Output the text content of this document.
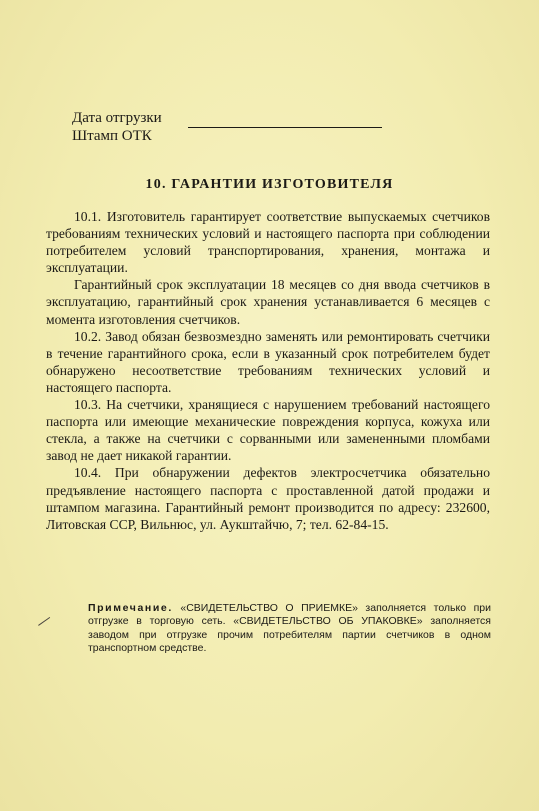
Дата отгрузки
Штамп ОТК
10. ГАРАНТИИ ИЗГОТОВИТЕЛЯ

10.1. Изготовитель гарантирует соответствие выпускаемых счетчиков требованиям технических условий и настоящего паспорта при соблюдении потребителем условий транспортирования, хранения, монтажа и эксплуатации.

Гарантийный срок эксплуатации 18 месяцев со дня ввода счетчиков в эксплуатацию, гарантийный срок хранения устанавливается 6 месяцев с момента изготовления счетчиков.

10.2. Завод обязан безвозмездно заменять или ремонтировать счетчики в течение гарантийного срока, если в указанный срок потребителем будет обнаружено несоответствие требованиям технических условий и настоящего паспорта.

10.3. На счетчики, хранящиеся с нарушением требований настоящего паспорта или имеющие механические повреждения корпуса, кожуха или стекла, а также на счетчики с сорванными или замененными пломбами завод не дает никакой гарантии.

10.4. При обнаружении дефектов электросчетчика обязательно предъявление настоящего паспорта с проставленной датой продажи и штампом магазина. Гарантийный ремонт производится по адресу: 232600, Литовская ССР, Вильнюс, ул. Аукштайчю, 7; тел. 62-84-15.

Примечание. «СВИДЕТЕЛЬСТВО О ПРИЕМКЕ» заполняется только при отгрузке в торговую сеть. «СВИДЕТЕЛЬСТВО ОБ УПАКОВКЕ» заполняется заводом при отгрузке прочим потребителям партии счетчиков в одном транспортном средстве.
